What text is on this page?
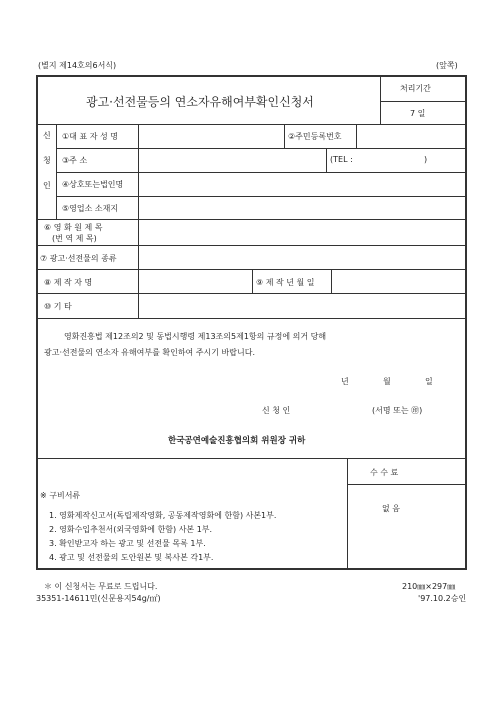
(별지 제14호의6서식)	(앞쪽)
광고·선전물등의 연소자유해여부확인신청서
처리기간
7 일
신
청
인
①대 표 자 성 명	②주민등록번호
③주 소	(TEL :	)
④상호또는법인명
⑤영업소 소재지
⑥ 영 화 원 제 목
(번 역 제 목)
⑦ 광고·선전물의 종류
⑧ 제 작 자 명	⑨ 제 작 년 월 일
⑩ 기 타
영화진흥법 제12조의2 및 동법시행령 제13조의5제1항의 규정에 의거 당해
광고·선전물의 연소자 유해여부를 확인하여 주시기 바랍니다.
년	월	일
신 청 인	(서명 또는 ㊞)
한국공연예술진흥협의회 위원장 귀하
※ 구비서류
1. 영화제작신고서(독립제작영화, 공동제작영화에 한함) 사본1부.
2. 영화수입추천서(외국영화에 한함) 사본 1부.
3. 확인받고자 하는 광고 및 선전물 목록 1부.
4. 광고 및 선전물의 도안원본 및 복사본 각1부.
수 수 료
없 음
＊ 이 신청서는 무료로 드립니다.	210㎜×297㎜
35351-14611민(신문용지54g/㎡)	'97.10.2승인
